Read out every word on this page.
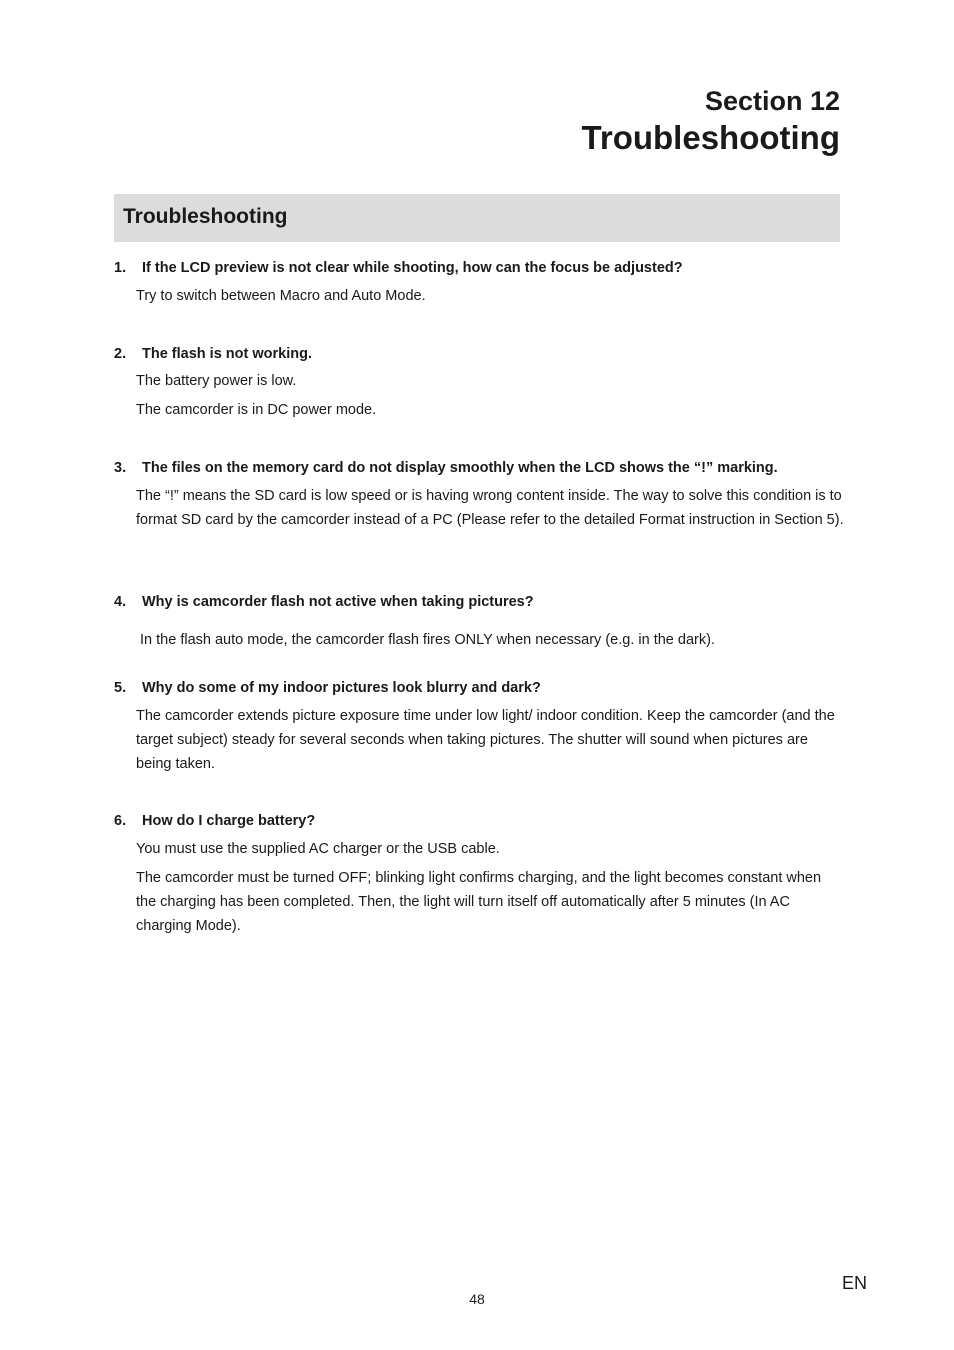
Section 12
Troubleshooting
Troubleshooting
1.	If the LCD preview is not clear while shooting, how can the focus be adjusted?
Try to switch between Macro and Auto Mode.
2.	The flash is not working.
The battery power is low.
The camcorder is in DC power mode.
3.	The files on the memory card do not display smoothly when the LCD shows the “!” marking.
The “!” means the SD card is low speed or is having wrong content inside. The way to solve this condition is to format SD card by the camcorder instead of a PC (Please refer to the detailed Format instruction in Section 5).
4.	Why is camcorder flash not active when taking pictures?
In the flash auto mode, the camcorder flash fires ONLY when necessary (e.g. in the dark).
5.	Why do some of my indoor pictures look blurry and dark?
The camcorder extends picture exposure time under low light/ indoor condition. Keep the camcorder (and the target subject) steady for several seconds when taking pictures. The shutter will sound when pictures are being taken.
6.	How do I charge battery?
You must use the supplied AC charger or the USB cable.
The camcorder must be turned OFF; blinking light confirms charging, and the light becomes constant when the charging has been completed. Then, the light will turn itself off automatically after 5 minutes (In AC charging Mode).
48
EN
